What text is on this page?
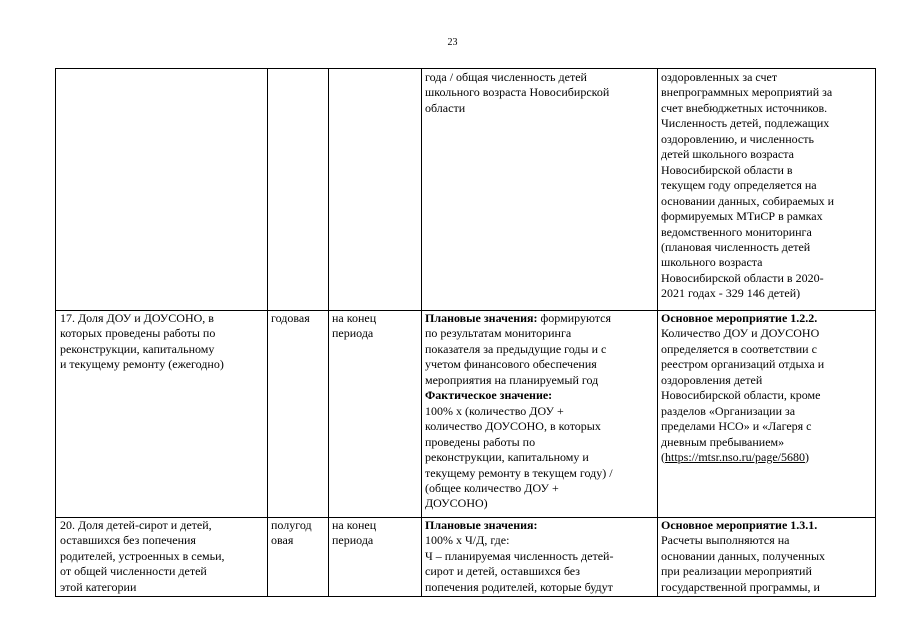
23
года / общая численность детей
школьного возраста Новосибирской
области
оздоровленных за счет
внепрограммных мероприятий за
счет внебюджетных источников.
Численность детей, подлежащих
оздоровлению, и численность
детей школьного возраста
Новосибирской области в
текущем году определяется на
основании данных, собираемых и
формируемых МТиСР в рамках
ведомственного мониторинга
(плановая численность детей
школьного возраста
Новосибирской области в 2020-
2021 годах - 329 146 детей)
17. Доля ДОУ и ДОУСОНО, в
которых проведены работы по
реконструкции, капитальному
и текущему ремонту (ежегодно)
годовая на конец
периода
Плановые значения: формируются
по результатам мониторинга
показателя за предыдущие годы и с
учетом финансового обеспечения
мероприятия на планируемый год
Фактическое значение:
100% х (количество ДОУ +
количество ДОУСОНО, в которых
проведены работы по
реконструкции, капитальному и
текущему ремонту в текущем году) /
(общее количество ДОУ +
ДОУСОНО)
Основное мероприятие 1.2.2.
Количество ДОУ и ДОУСОНО
определяется в соответствии с
реестром организаций отдыха и
оздоровления детей
Новосибирской области, кроме
разделов «Организации за
пределами НСО» и «Лагеря с
дневным пребыванием»
(https://mtsr.nso.ru/page/5680)
20. Доля детей-сирот и детей,
оставшихся без попечения
родителей, устроенных в семьи,
от общей численности детей
этой категории
полугод
овая
на конец
периода
Плановые значения:
100% х Ч/Д, где:
Ч – планируемая численность детей-
сирот и детей, оставшихся без
попечения родителей, которые будут
Основное мероприятие 1.3.1.
Расчеты выполняются на
основании данных, полученных
при реализации мероприятий
государственной программы, и
